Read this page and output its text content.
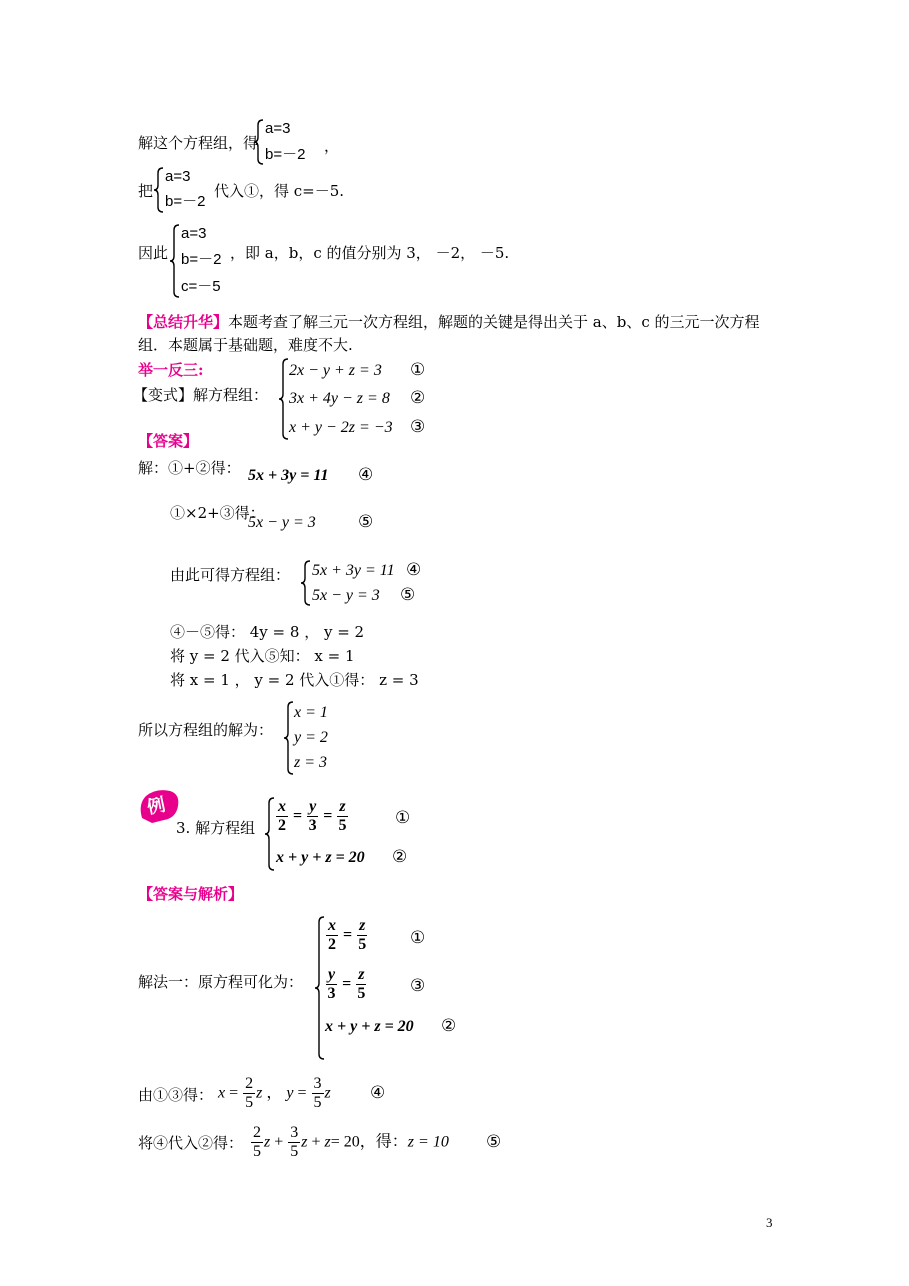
解这个方程组，得
a=3
b=－2 ，
把
a=3
b=－2
代入①，得 c=－5.
因此
a=3
b=－2
c=－5
，即 a，b，c 的值分别为 3， －2， －5.
【总结升华】本题考查了解三元一次方程组，解题的关键是得出关于 a、b、c 的三元一次方程
组．本题属于基础题，难度不大.
举一反三:
【变式】解方程组：
2x − y + z = 3 ①
3x + 4y − z = 8 ②
x + y − 2z = −3 ③
【答案】
解：①+②得： 5x + 3y = 11 ④
①×2+③得：
5x − y = 3 ⑤
由此可得方程组： 5x + 3y = 11 ④
5x − y = 3 ⑤
④－⑤得： 4y = 8 ， y = 2
将 y = 2 代入⑤知： x = 1
将 x = 1 ， y = 2 代入①得： z = 3
所以方程组的解为：
x = 1
y = 2
z = 3
例
3. 解方程组 $\frac{x}{2} = \frac{y}{3} = \frac{z}{5}$	①
x + y + z = 20 ②
【答案与解析】
解法一：原方程可化为：
$\frac{x}{2} = \frac{z}{5}$	①
$\frac{y}{3} = \frac{z}{5}$	③
x + y + z = 20 ②
由①③得： $x = \frac{2}{5}$ z ， $y = \frac{3}{5}$ z ④
将④代入②得： $\frac{2}{5}$ $z + \frac{3}{5}$ z + z= 20，得：z = 10 ⑤
3
